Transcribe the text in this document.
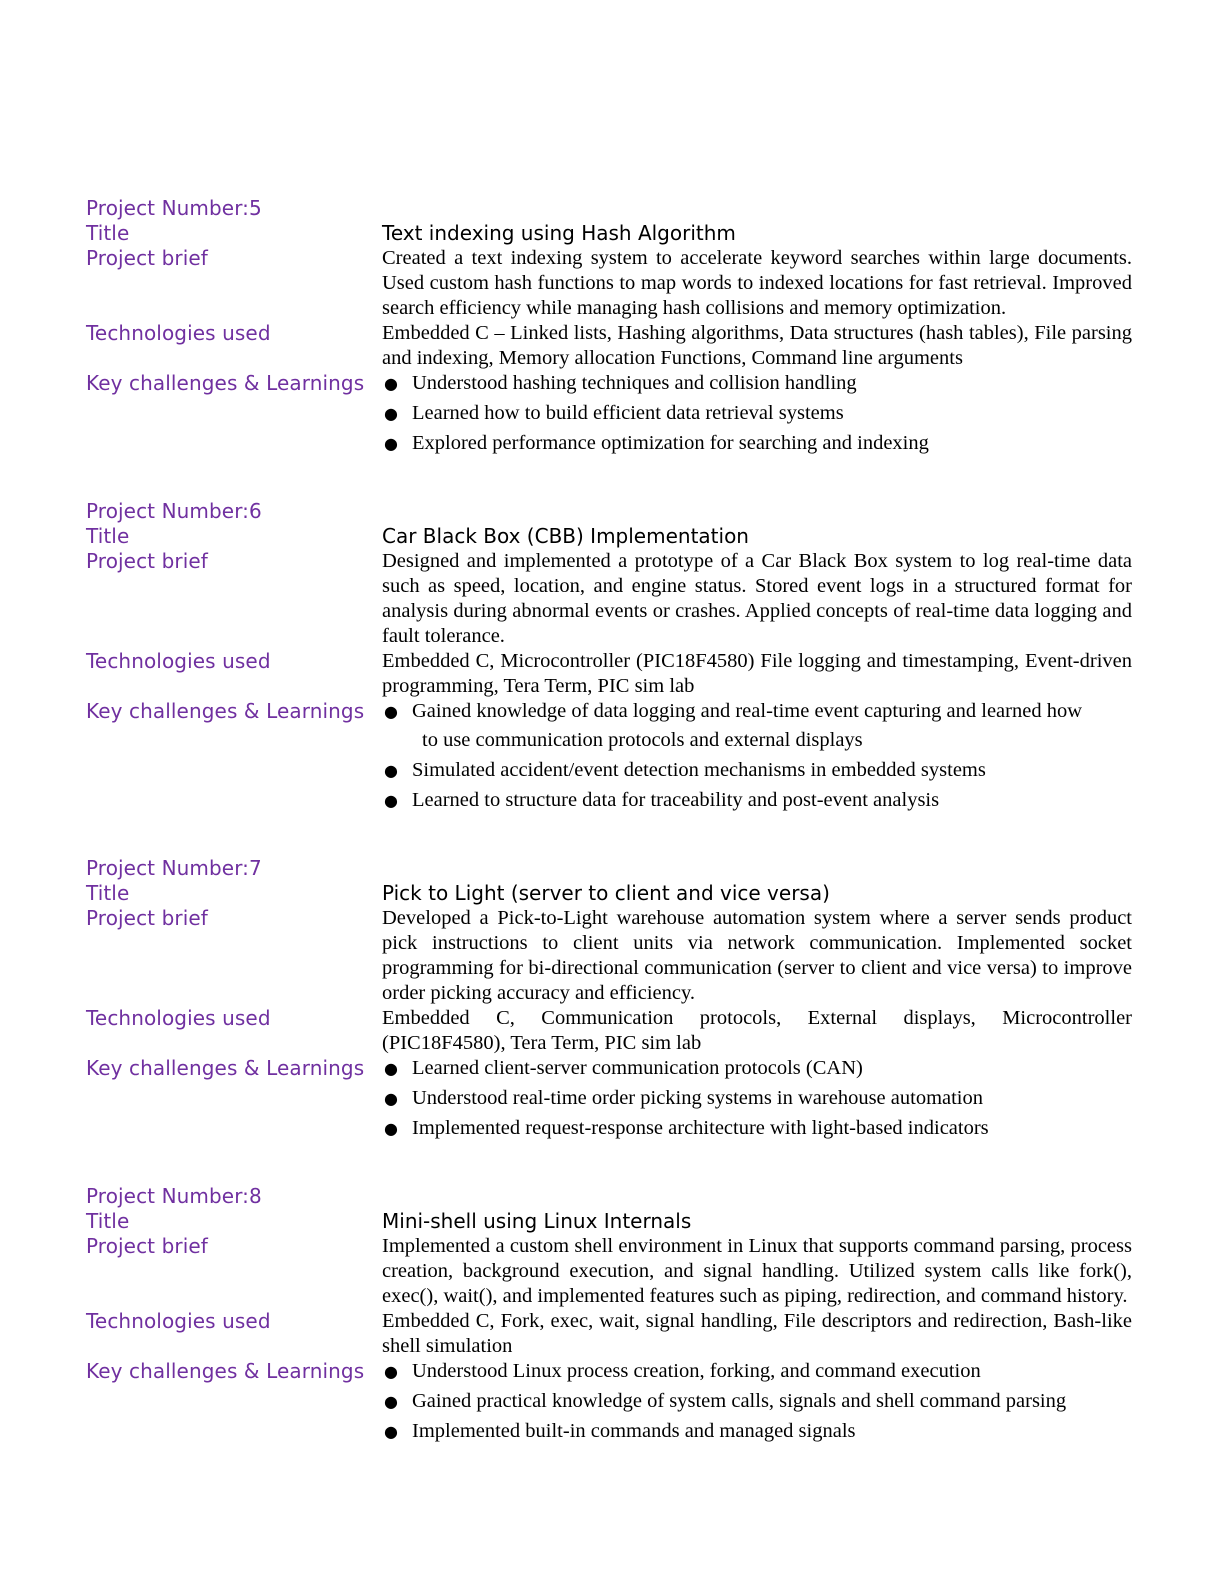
Project Number:5
Title	Text indexing using Hash Algorithm
Project brief	Created a text indexing system to accelerate keyword searches within large documents. Used custom hash functions to map words to indexed locations for fast retrieval. Improved search efficiency while managing hash collisions and memory optimization.
Technologies used	Embedded C – Linked lists, Hashing algorithms, Data structures (hash tables), File parsing and indexing, Memory allocation Functions, Command line arguments
Key challenges & Learnings	● Understood hashing techniques and collision handling
● Learned how to build efficient data retrieval systems
● Explored performance optimization for searching and indexing
Project Number:6
Title	Car Black Box (CBB) Implementation
Project brief	Designed and implemented a prototype of a Car Black Box system to log real-time data such as speed, location, and engine status. Stored event logs in a structured format for analysis during abnormal events or crashes. Applied concepts of real-time data logging and fault tolerance.
Technologies used	Embedded C, Microcontroller (PIC18F4580) File logging and timestamping, Event-driven programming, Tera Term, PIC sim lab
Key challenges & Learnings	● Gained knowledge of data logging and real-time event capturing and learned how
to use communication protocols and external displays
● Simulated accident/event detection mechanisms in embedded systems
● Learned to structure data for traceability and post-event analysis
Project Number:7
Title	Pick to Light (server to client and vice versa)
Project brief	Developed a Pick-to-Light warehouse automation system where a server sends product pick instructions to client units via network communication. Implemented socket programming for bi-directional communication (server to client and vice versa) to improve order picking accuracy and efficiency.
Technologies used	Embedded C, Communication protocols, External displays, Microcontroller (PIC18F4580), Tera Term, PIC sim lab
Key challenges & Learnings	● Learned client-server communication protocols (CAN)
● Understood real-time order picking systems in warehouse automation
● Implemented request-response architecture with light-based indicators
Project Number:8
Title	Mini-shell using Linux Internals
Project brief	Implemented a custom shell environment in Linux that supports command parsing, process creation, background execution, and signal handling. Utilized system calls like fork(), exec(), wait(), and implemented features such as piping, redirection, and command history.
Technologies used	Embedded C, Fork, exec, wait, signal handling, File descriptors and redirection, Bash-like shell simulation
Key challenges & Learnings	● Understood Linux process creation, forking, and command execution
● Gained practical knowledge of system calls, signals and shell command parsing
● Implemented built-in commands and managed signals
